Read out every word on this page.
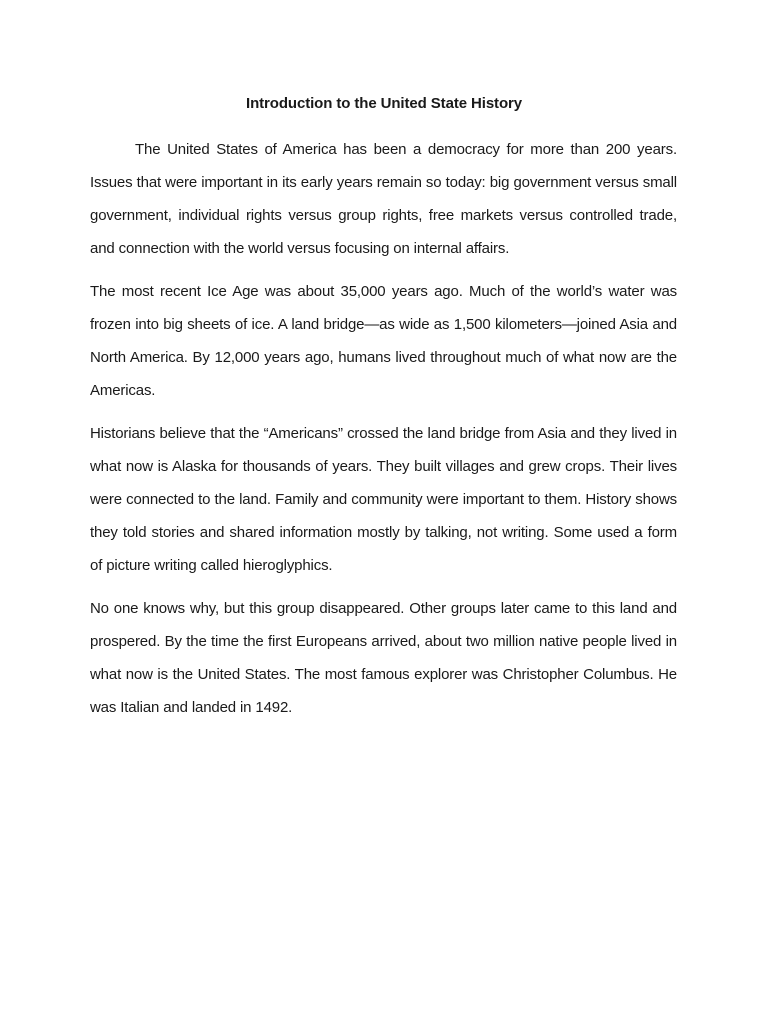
Introduction to the United State History

The United States of America has been a democracy for more than 200 years. Issues that were important in its early years remain so today: big government versus small government, individual rights versus group rights, free markets versus controlled trade, and connection with the world versus focusing on internal affairs.

The most recent Ice Age was about 35,000 years ago. Much of the world’s water was frozen into big sheets of ice. A land bridge—as wide as 1,500 kilometers—joined Asia and North America. By 12,000 years ago, humans lived throughout much of what now are the Americas.

Historians believe that the “Americans” crossed the land bridge from Asia and they lived in what now is Alaska for thousands of years. They built villages and grew crops. Their lives were connected to the land. Family and community were important to them. History shows they told stories and shared information mostly by talking, not writing. Some used a form of picture writing called hieroglyphics.

No one knows why, but this group disappeared. Other groups later came to this land and prospered. By the time the first Europeans arrived, about two million native people lived in what now is the United States. The most famous explorer was Christopher Columbus. He was Italian and landed in 1492.
